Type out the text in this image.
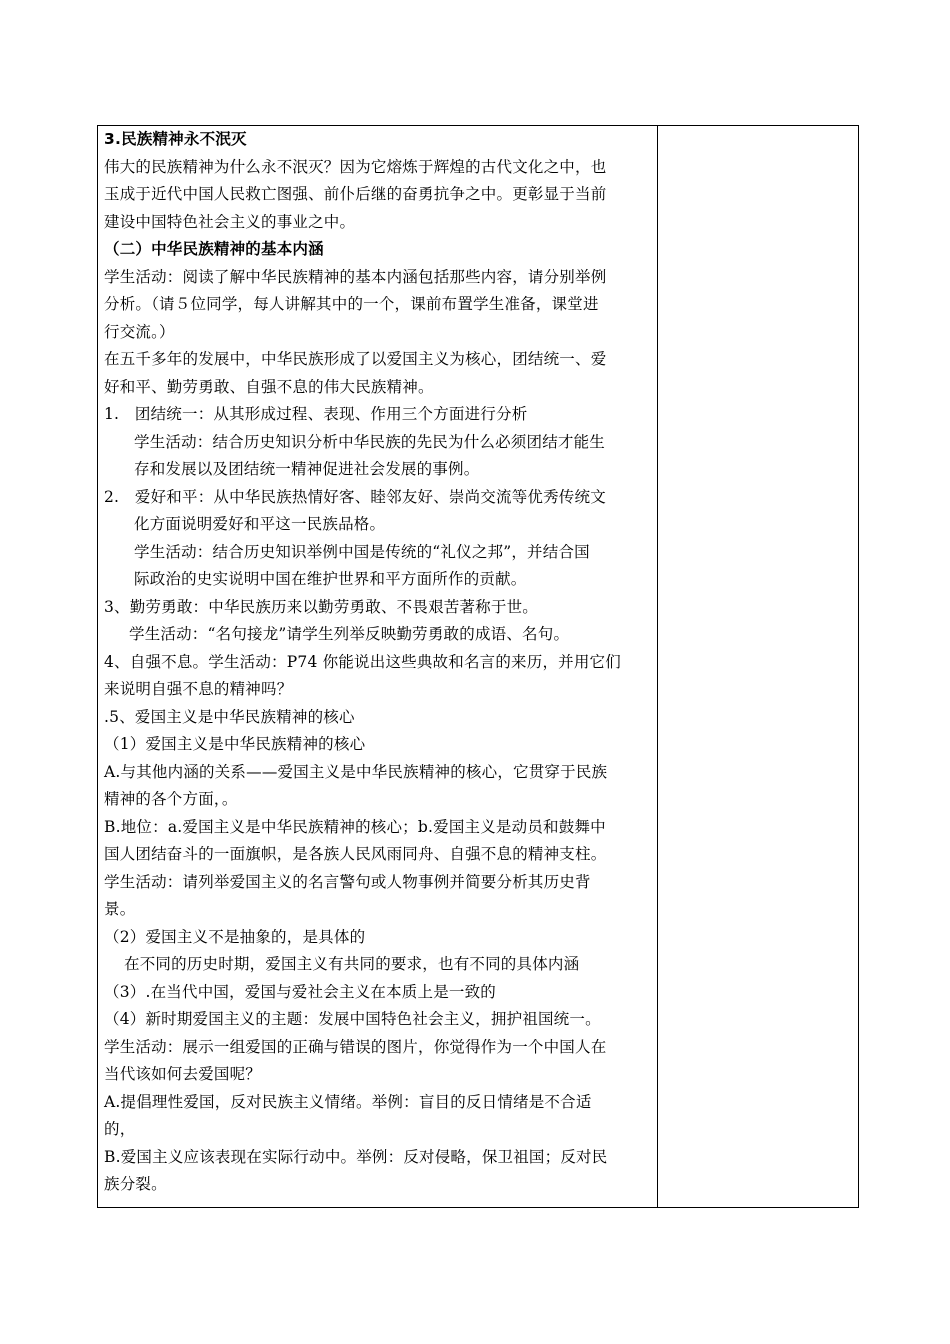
3.民族精神永不泯灭
伟大的民族精神为什么永不泯灭？因为它熔炼于辉煌的古代文化之中，也
玉成于近代中国人民救亡图强、前仆后继的奋勇抗争之中。更彰显于当前
建设中国特色社会主义的事业之中。
（二）中华民族精神的基本内涵
学生活动：阅读了解中华民族精神的基本内涵包括那些内容，请分别举例
分析。（请５位同学，每人讲解其中的一个，课前布置学生准备，课堂进
行交流。）
在五千多年的发展中，中华民族形成了以爱国主义为核心，团结统一、爱
好和平、勤劳勇敢、自强不息的伟大民族精神。
1.　团结统一：从其形成过程、表现、作用三个方面进行分析
学生活动：结合历史知识分析中华民族的先民为什么必须团结才能生
存和发展以及团结统一精神促进社会发展的事例。
2.　爱好和平：从中华民族热情好客、睦邻友好、崇尚交流等优秀传统文
化方面说明爱好和平这一民族品格。
学生活动：结合历史知识举例中国是传统的“礼仪之邦”，并结合国
际政治的史实说明中国在维护世界和平方面所作的贡献。
3、勤劳勇敢：中华民族历来以勤劳勇敢、不畏艰苦著称于世。
学生活动：“名句接龙”请学生列举反映勤劳勇敢的成语、名句。
4、自强不息。学生活动：P74 你能说出这些典故和名言的来历，并用它们
来说明自强不息的精神吗？
.5、爱国主义是中华民族精神的核心
（1）爱国主义是中华民族精神的核心
A.与其他内涵的关系——爱国主义是中华民族精神的核心，它贯穿于民族
精神的各个方面，。
B.地位：a.爱国主义是中华民族精神的核心；b.爱国主义是动员和鼓舞中
国人团结奋斗的一面旗帜，是各族人民风雨同舟、自强不息的精神支柱。
学生活动：请列举爱国主义的名言警句或人物事例并简要分析其历史背
景。
（2）爱国主义不是抽象的，是具体的
在不同的历史时期，爱国主义有共同的要求，也有不同的具体内涵
（3）.在当代中国，爱国与爱社会主义在本质上是一致的
（4）新时期爱国主义的主题：发展中国特色社会主义，拥护祖国统一。
学生活动：展示一组爱国的正确与错误的图片，你觉得作为一个中国人在
当代该如何去爱国呢？
A.提倡理性爱国，反对民族主义情绪。举例：盲目的反日情绪是不合适
的，
B.爱国主义应该表现在实际行动中。举例：反对侵略，保卫祖国；反对民
族分裂。
